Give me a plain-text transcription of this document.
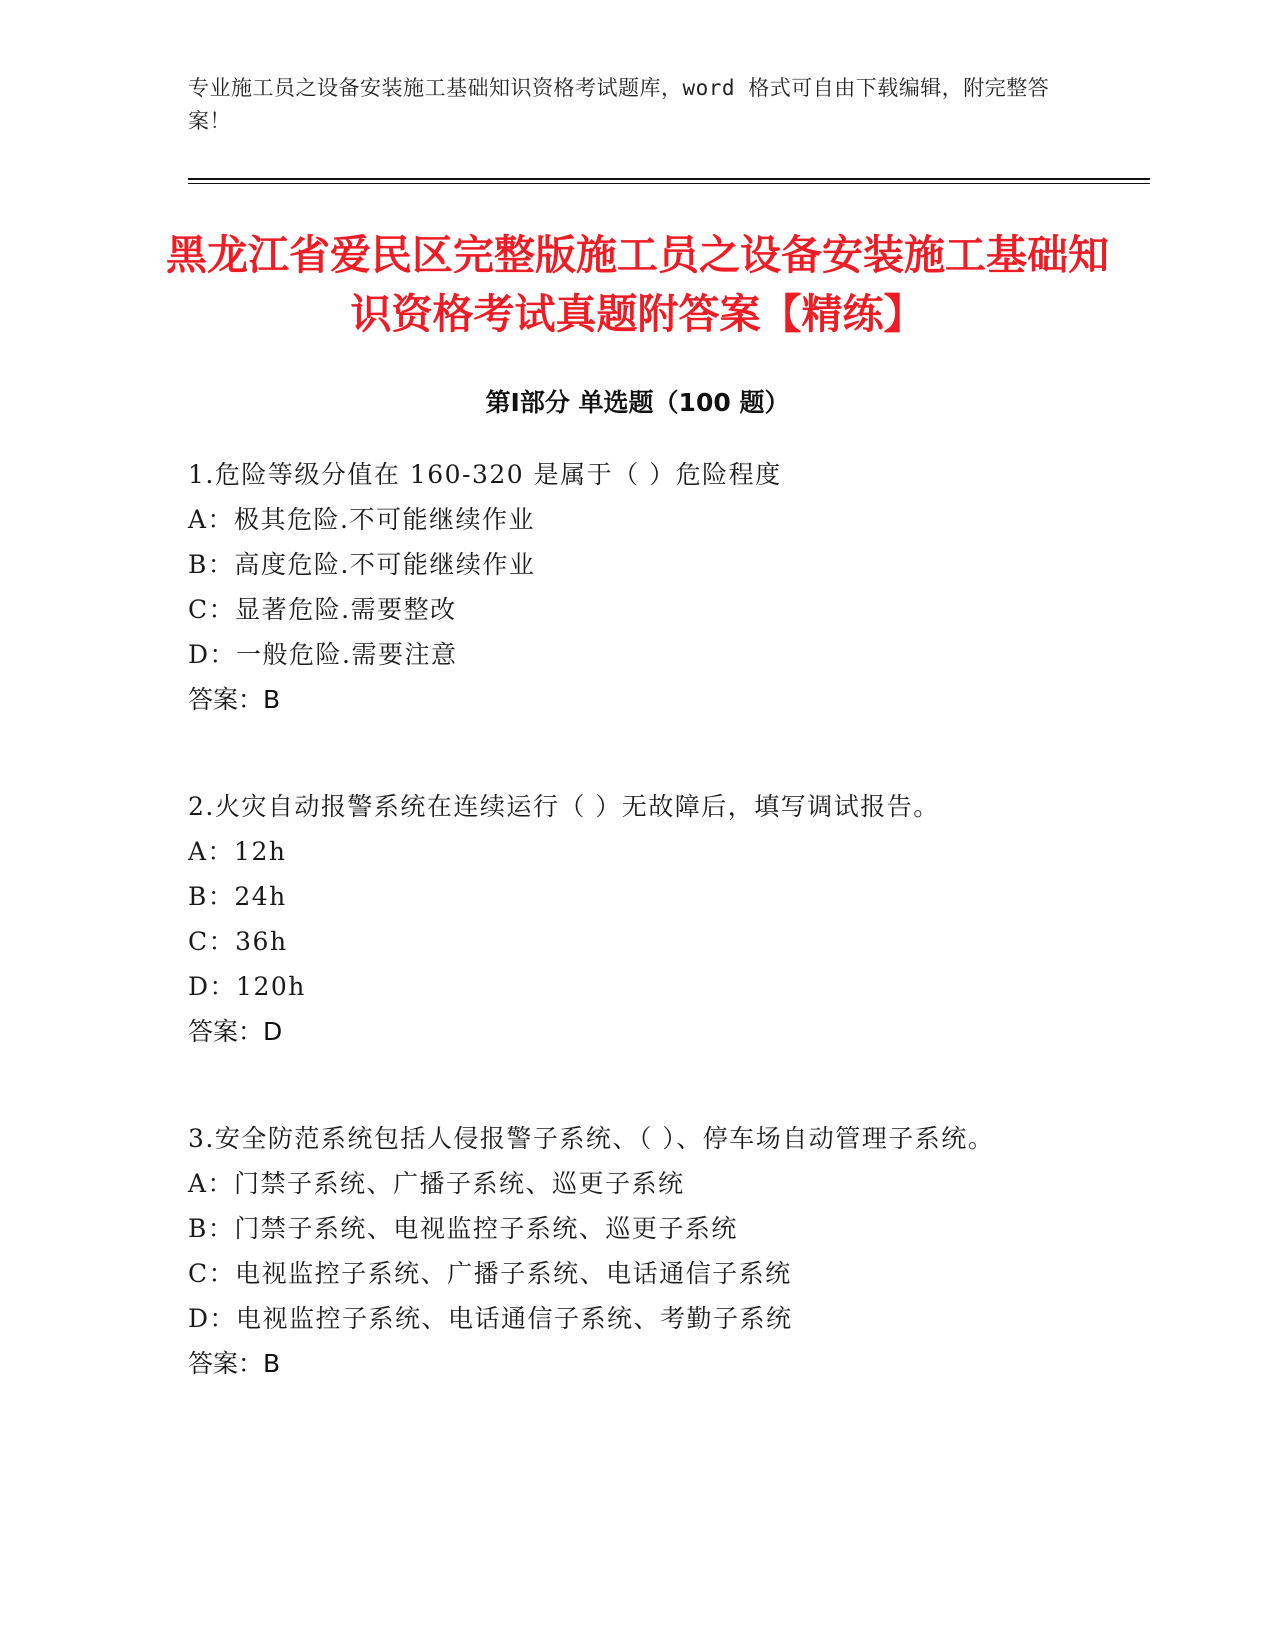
专业施工员之设备安装施工基础知识资格考试题库，word 格式可自由下载编辑，附完整答案！
黑龙江省爱民区完整版施工员之设备安装施工基础知识资格考试真题附答案【精练】
第Ⅰ部分 单选题（100 题）
1.危险等级分值在 160-320 是属于（ ）危险程度
A：极其危险.不可能继续作业
B：高度危险.不可能继续作业
C：显著危险.需要整改
D：一般危险.需要注意
答案：B
2.火灾自动报警系统在连续运行（ ）无故障后，填写调试报告。
A：12h
B：24h
C：36h
D：120h
答案：D
3.安全防范系统包括人侵报警子系统、（ ）、停车场自动管理子系统。
A：门禁子系统、广播子系统、巡更子系统
B：门禁子系统、电视监控子系统、巡更子系统
C：电视监控子系统、广播子系统、电话通信子系统
D：电视监控子系统、电话通信子系统、考勤子系统
答案：B
